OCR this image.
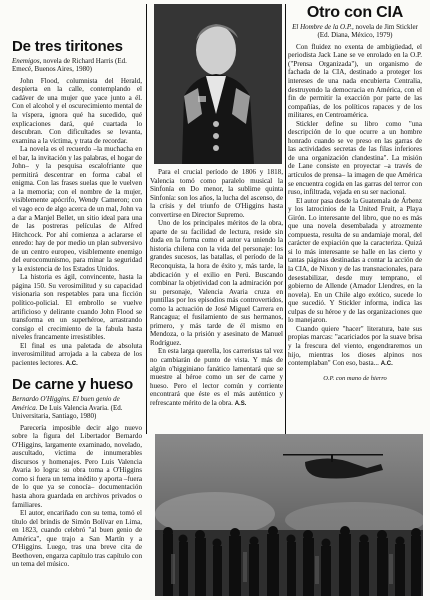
De tres tiritones
Enemigos, novela de Richard Harris (Ed. Emecé, Buenos Aires, 1980)

John Flood, columnista del Herald, despierta en la calle, contemplando el cadáver de una mujer que yace junto a él. Con el alcohol y el oscurecimiento mental de la víspera, ignora qué ha sucedido, qué explicaciones dará, qué cuartada lo descubran. Con dificultades se levanta, examina a la víctima, y trata de recordar.

La novela es el recuerdo –la muchacha en el bar, la invitación y las palabras, el hogar de John– y la pesquisa escalofriante que permitirá descentrar en forma cabal el enigma. Con las frases suelas que le vuelven a la memoria; con el nombre de la mujer, visiblemente apócrifo, Wendy Cameron; con el vago eco de algo acerca de un mal, John va a dar a Manjel Bellet, un sitio ideal para una de las postreras películas de Alfred Hitchcock. Por ahí comienza a aclararse el enredo: hay de por medio un plan subversivo de un centro europeo, visiblemente enemigo del eurocomunismo, para minar la seguridad y la existencia de los Estados Unidos.

La historia es ágil, convincente, hasta la página 150. Su verosimilitud y su capacidad visionaria son respetables para una ficción político-policial. El embrollo se vuelve artificioso y delirante cuando John Flood se transforma en un superhéroe, arrastrando consigo el crecimiento de la fabula hasta niveles francamente irresistibles.

El final es una paletada de absoluta inverosimilitud arrojada a la cabeza de los pacientes lectores. A.C.

De carne y hueso
Bernardo O'Higgins. El buen genio de América. De Luis Valencia Avaria. (Ed. Universitaria, Santiago, 1980)

Parecería imposible decir algo nuevo sobre la figura del Libertador Bernardo O'Higgins, largamente examinado, novelado, auscultado, víctima de innumerables discursos y homenajes. Pero Luis Valencia Avaria lo logra: su obra toma a O'Higgins como si fuera un tema inédito y aporta –fuera de lo que ya se conocía– documentación hasta ahora guardada en archivos privados o familiares.

El autor, encariñado con su tema, tomó el título del brindis de Simón Bolívar en Lima, en 1823, cuando celebró "al buen genio de América", que trajo a San Martín y a O'Higgins. Luego, tras una breve cita de Beethoven, engarza capítulo tras capítulo con un tema del músico.

Para el crucial período de 1806 y 1818, Valencia tomó como paralelo musical la Sinfonía en Do menor, la sublime quinta Sinfonía: son los años, la lucha del ascenso, de la crisis y del triunfo de O'Higgins hasta convertirse en Director Supremo.

Uno de los principales méritos de la obra, aparte de su facilidad de lectura, reside sin duda en la forma como el autor va uniendo la historia chilena con la vida del personaje: los grandes sucesos, las batallas, el período de la Reconquista, la hora de éxito y, más tarde, la abdicación y el exilio en Perú. Buscando combinar la objetividad con la admiración por su personaje, Valencia Avaria cruza en puntillas por los episodios más controvertidos, como la actuación de José Miguel Carrera en Rancagua; el fusilamiento de sus hermanos, primero, y más tarde de él mismo en Mendoza, o la prisión y asesinato de Manuel Rodríguez.

En esta larga querella, los carreristas tal vez no cambiarán de punto de vista. Y más de algún o'higginiano fanático lamentará que se muestre al héroe como un ser de carne y hueso. Pero el lector común y corriente encontrará que éste es el más auténtico y refrescante mérito de la obra. A.S.

Otro con CIA
El Hombre de la O.P., novela de Jim Stickler (Ed. Diana, México, 1979)

Con fluidez no exenta de ambigüedad, el periodista Jack Lane se ve enrolado en la O.P. ("Prensa Organizada"), un organismo de fachada de la CIA, destinado a proteger los intereses de una nada encubierta Centralia, destruyendo la democracia en América, con el fin de permitir la exacción por parte de las compañías, de los políticos rapaces y de los militares, en Centroamérica.

Stickler define su libro como "una descripción de lo que ocurre a un hombre honrado cuando se ve preso en las garras de las actividades secretas de las filas inferiores de una organización clandestina". La misión de Lane consiste en proyectar –a través de artículos de prensa– la imagen de que América se encuentra cogida en las garras del terror con ruso, infiltrada, vejada en su ser nacional.

El autor pasa desde la Guatemala de Árbenz y los latrocinios de la United Fruit, a Playa Girón. Lo interesante del libro, que no es más que una novela desembalada y atrozmente compuesta, resulta de su andamiaje moral, del carácter de expiación que la caracteriza. Quizá si lo más interesante se halle en las cierto y tantas páginas destinadas a contar la acción de la CIA, de Nixon y de las transnacionales, para desestabilizar, desde muy temprano, el gobierno de Allende (Amador Llendres, en la novela). En un Chile algo exótico, sucede lo que sucedió. Y Stickler informa, indica las culpas de su héroe y de las organizaciones que lo manejaron.

Cuando quiere "hacer" literatura, bate sus propias marcas: "acariciados por la suave brisa y la frescura del viento, engendraremos un hijo, mientras los dioses alpinos nos contemplaban" Con eso, basta... A.C.

O.P. con mano de hierro
